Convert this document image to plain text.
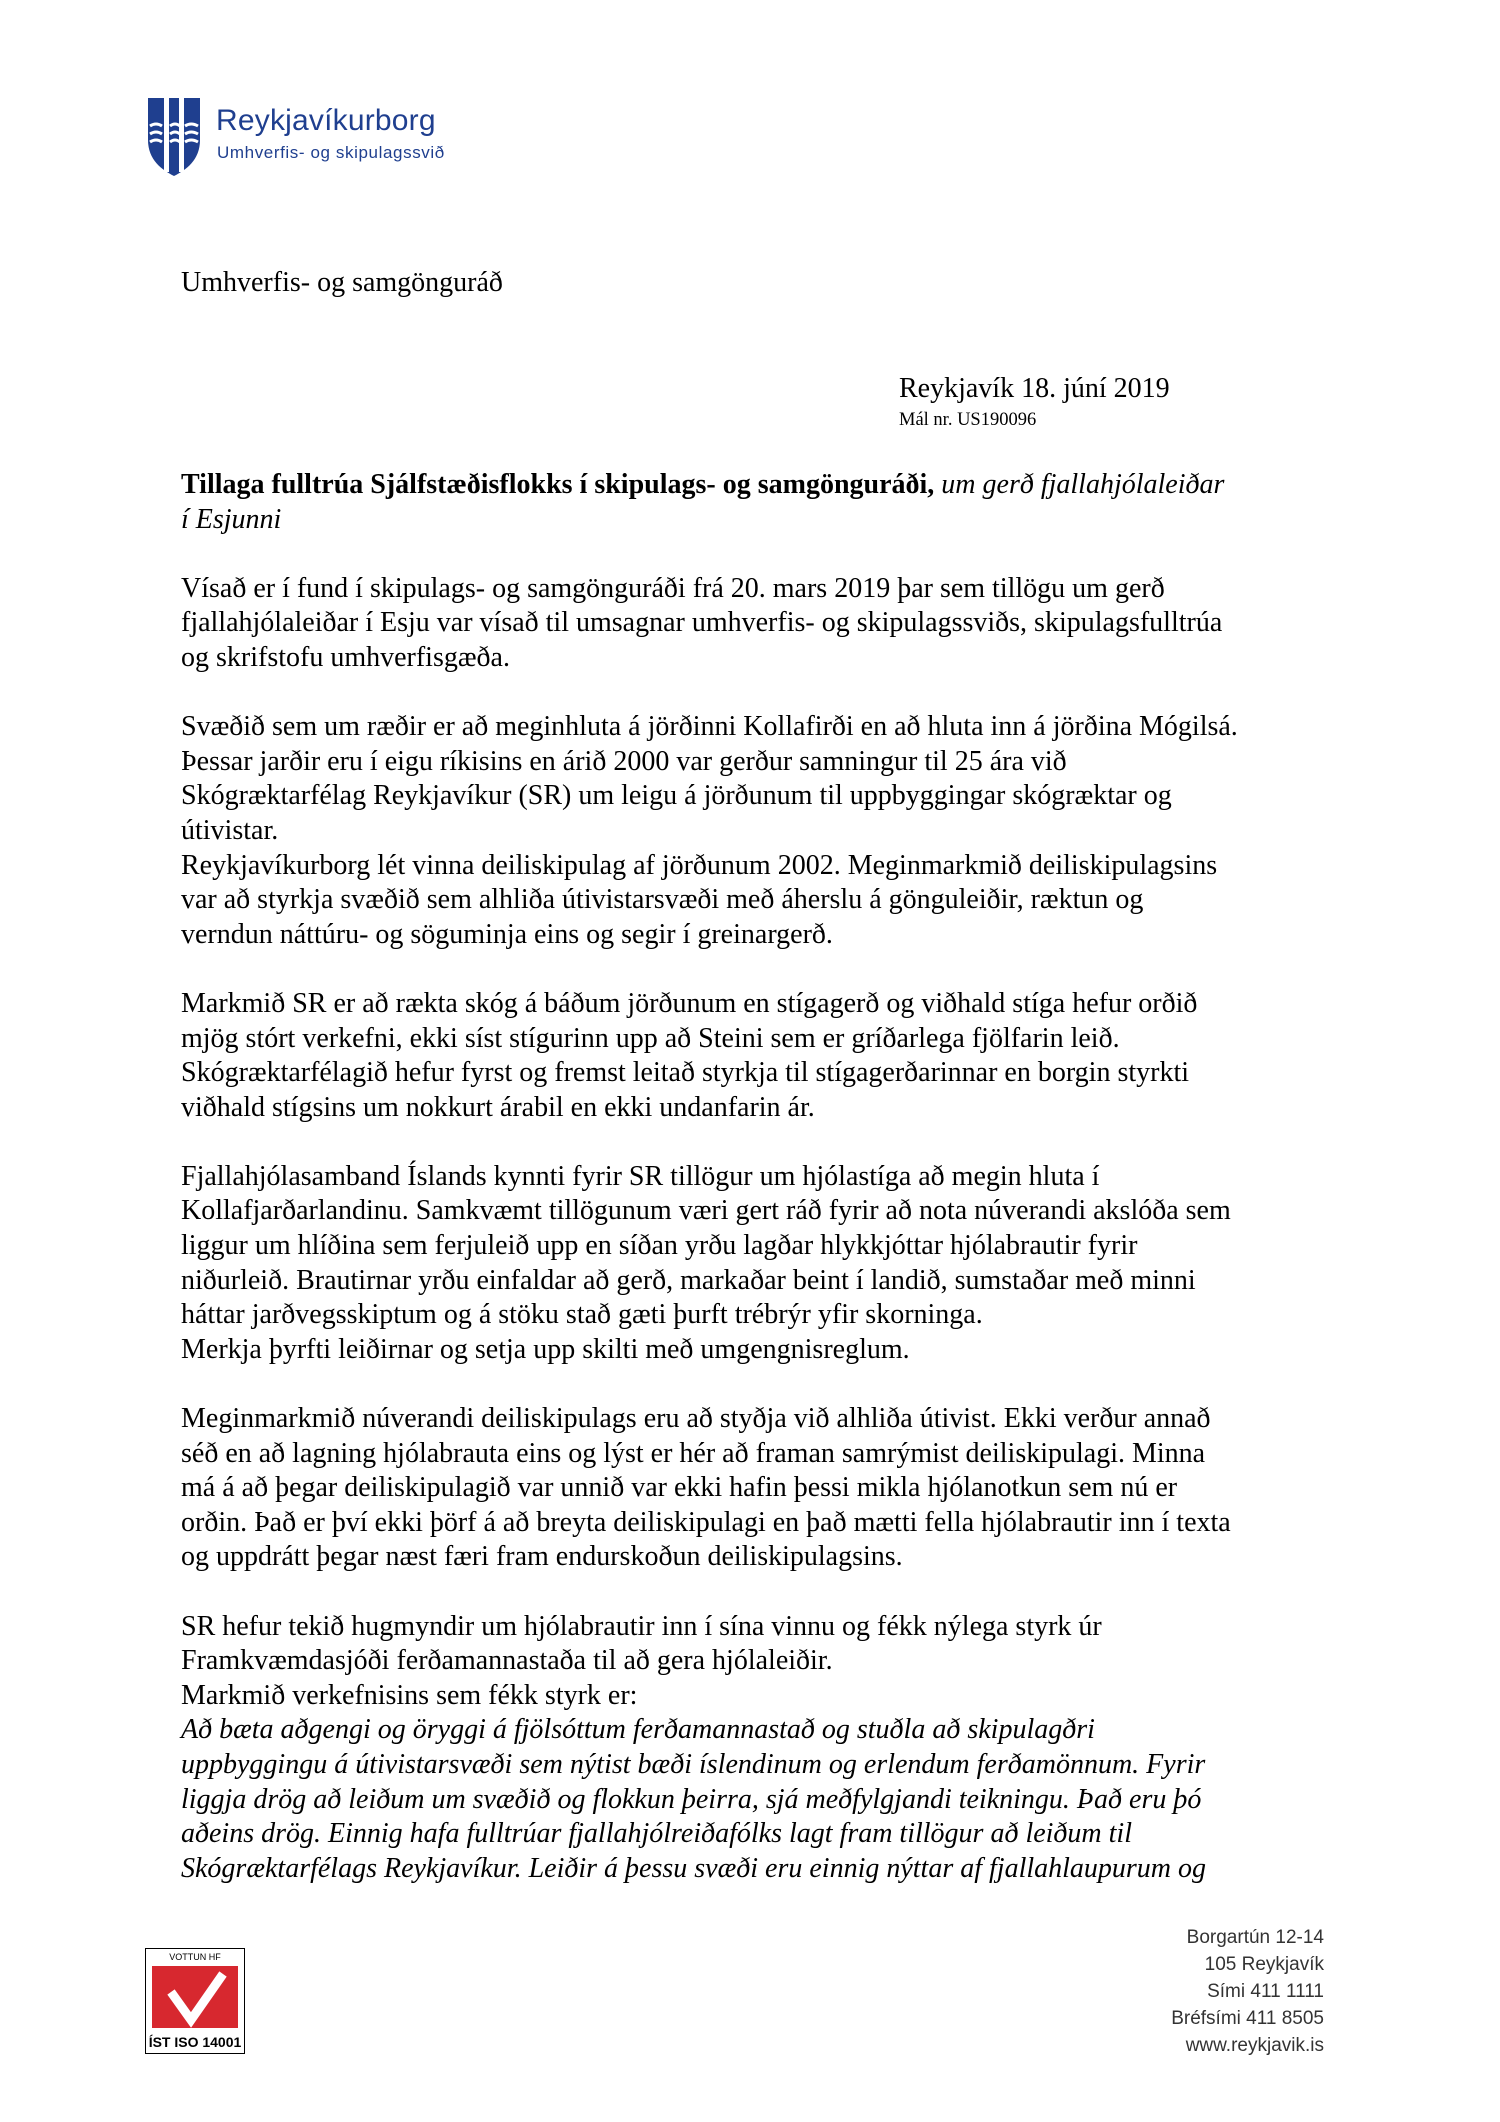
Reykjavíkurborg
Umhverfis- og skipulagssvið
Umhverfis- og samgönguráð
Reykjavík 18. júní 2019
Mál nr. US190096

Tillaga fulltrúa Sjálfstæðisflokks í skipulags- og samgönguráði, um gerð fjallahjólaleiðar
í Esjunni

Vísað er í fund í skipulags- og samgönguráði frá 20. mars 2019 þar sem tillögu um gerð
fjallahjólaleiðar í Esju var vísað til umsagnar umhverfis- og skipulagssviðs, skipulagsfulltrúa
og skrifstofu umhverfisgæða.

Svæðið sem um ræðir er að meginhluta á jörðinni Kollafirði en að hluta inn á jörðina Mógilsá.
Þessar jarðir eru í eigu ríkisins en árið 2000 var gerður samningur til 25 ára við
Skógræktarfélag Reykjavíkur (SR) um leigu á jörðunum til uppbyggingar skógræktar og
útivistar.

Reykjavíkurborg lét vinna deiliskipulag af jörðunum 2002. Meginmarkmið deiliskipulagsins
var að styrkja svæðið sem alhliða útivistarsvæði með áherslu á gönguleiðir, ræktun og
verndun náttúru- og söguminja eins og segir í greinargerð.

Markmið SR er að rækta skóg á báðum jörðunum en stígagerð og viðhald stíga hefur orðið
mjög stórt verkefni, ekki síst stígurinn upp að Steini sem er gríðarlega fjölfarin leið.
Skógræktarfélagið hefur fyrst og fremst leitað styrkja til stígagerðarinnar en borgin styrkti
viðhald stígsins um nokkurt árabil en ekki undanfarin ár.

Fjallahjólasamband Íslands kynnti fyrir SR tillögur um hjólastíga að megin hluta í
Kollafjarðarlandinu. Samkvæmt tillögunum væri gert ráð fyrir að nota núverandi akslóða sem
liggur um hlíðina sem ferjuleið upp en síðan yrðu lagðar hlykkjóttar hjólabrautir fyrir
niðurleið. Brautirnar yrðu einfaldar að gerð, markaðar beint í landið, sumstaðar með minni
háttar jarðvegsskiptum og á stöku stað gæti þurft trébrýr yfir skorninga.

Merkja þyrfti leiðirnar og setja upp skilti með umgengnisreglum.

Meginmarkmið núverandi deiliskipulags eru að styðja við alhliða útivist. Ekki verður annað
séð en að lagning hjólabrauta eins og lýst er hér að framan samrýmist deiliskipulagi. Minna
má á að þegar deiliskipulagið var unnið var ekki hafin þessi mikla hjólanotkun sem nú er
orðin. Það er því ekki þörf á að breyta deiliskipulagi en það mætti fella hjólabrautir inn í texta
og uppdrátt þegar næst færi fram endurskoðun deiliskipulagsins.

SR hefur tekið hugmyndir um hjólabrautir inn í sína vinnu og fékk nýlega styrk úr
Framkvæmdasjóði ferðamannastaða til að gera hjólaleiðir.

Markmið verkefnisins sem fékk styrk er:

Að bæta aðgengi og öryggi á fjölsóttum ferðamannastað og stuðla að skipulagðri
uppbyggingu á útivistarsvæði sem nýtist bæði íslendinum og erlendum ferðamönnum. Fyrir
liggja drög að leiðum um svæðið og flokkun þeirra, sjá meðfylgjandi teikningu. Það eru þó
aðeins drög. Einnig hafa fulltrúar fjallahjólreiðafólks lagt fram tillögur að leiðum til
Skógræktarfélags Reykjavíkur. Leiðir á þessu svæði eru einnig nýttar af fjallahlaupurum og

VOTTUN HF
ÍST ISO 14001
Borgartún 12-14
105 Reykjavík
Sími 411 1111
Bréfsími 411 8505
www.reykjavik.is
